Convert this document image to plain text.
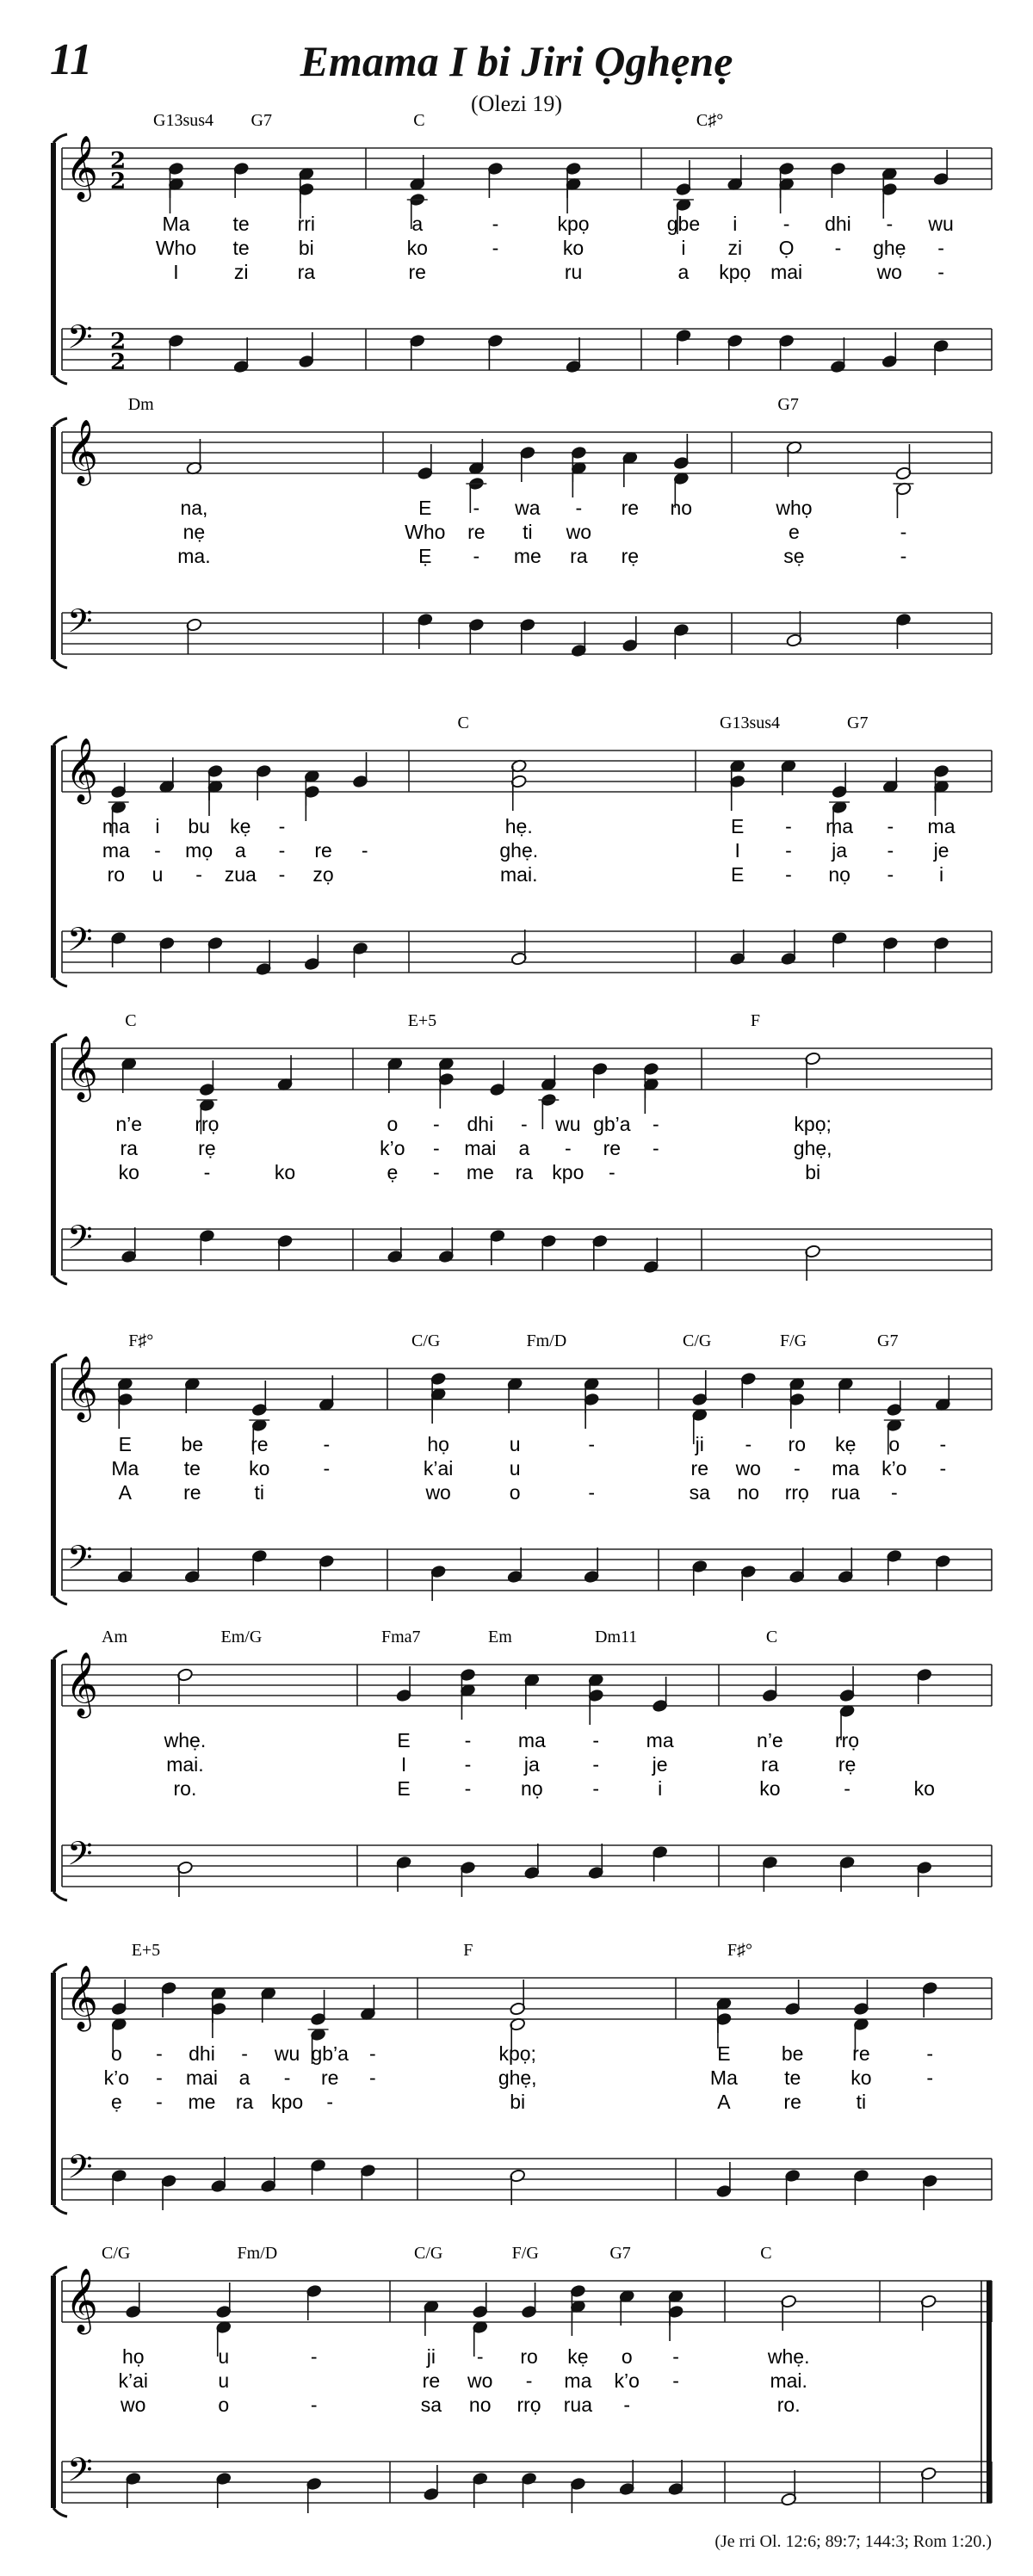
11	Emama I bi Jiri Ọghẹnẹ
(Olezi 19)
𝄞
𝄢
2
2
2
2
Ma te rri
Who te bi
I	zi ra
G13sus4 G7
a	-	kpọ
ko	-	ko
re	ru
C
gbe i - dhi - wu
i zi Ọ - ghẹ -
a kpọ mai	wo -
C♯°
𝄞
𝄢
na,
nẹ
ma.
Dm
E - wa - re no
Who re ti wo
Ẹ - me ra rẹ
whọ
e	-
sẹ	-
G7
𝄞
𝄢
ma i bu kẹ -
ma - mọ a - re -
ro u - zua - zọ
hẹ.
ghẹ.
mai.
C
E - ma - ma
I - ja - je
E - nọ - i
G13sus4	G7
𝄞
𝄢
n’e	rrọ
ra	rẹ
ko	-	ko
C
o - dhi - wu gb’a -
k’o - mai a - re -
ẹ - me ra kpo -
E+5
kpọ;
ghẹ,
bi
F
𝄞
𝄢
E	be re	-
Ma te ko	-
A	re	ti
F♯°
họ	u	-
k’ai	u
wo	o	-
C/G	Fm/D
ji - ro kẹ o -
re wo - ma k’o -
sa no rrọ rua -
C/G	F/G	G7
𝄞
𝄢
whẹ.
mai.
ro.
Am	Em/G
E	- ma - ma
I	-	ja	-	je
E	-	nọ	-	i
Fma7	Em	Dm11
n’e	rrọ
ra	rẹ
ko	-	ko
C
𝄞
𝄢
o - dhi - wu gb’a -
k’o - mai a - re -
ẹ - me ra kpo -
E+5
kpọ;
ghẹ,
bi
F
E	be re	-
Ma te	ko	-
A	re	ti
F♯°
𝄞
𝄢
họ	u	-
k’ai	u
wo	o	-
C/G	Fm/D
ji - ro kẹ o -
re wo - ma k’o -
sa no rrọ rua -
C/G	F/G	G7
whẹ.
mai.
ro.
C
(Je rri Ol. 12:6; 89:7; 144:3; Rom 1:20.)
